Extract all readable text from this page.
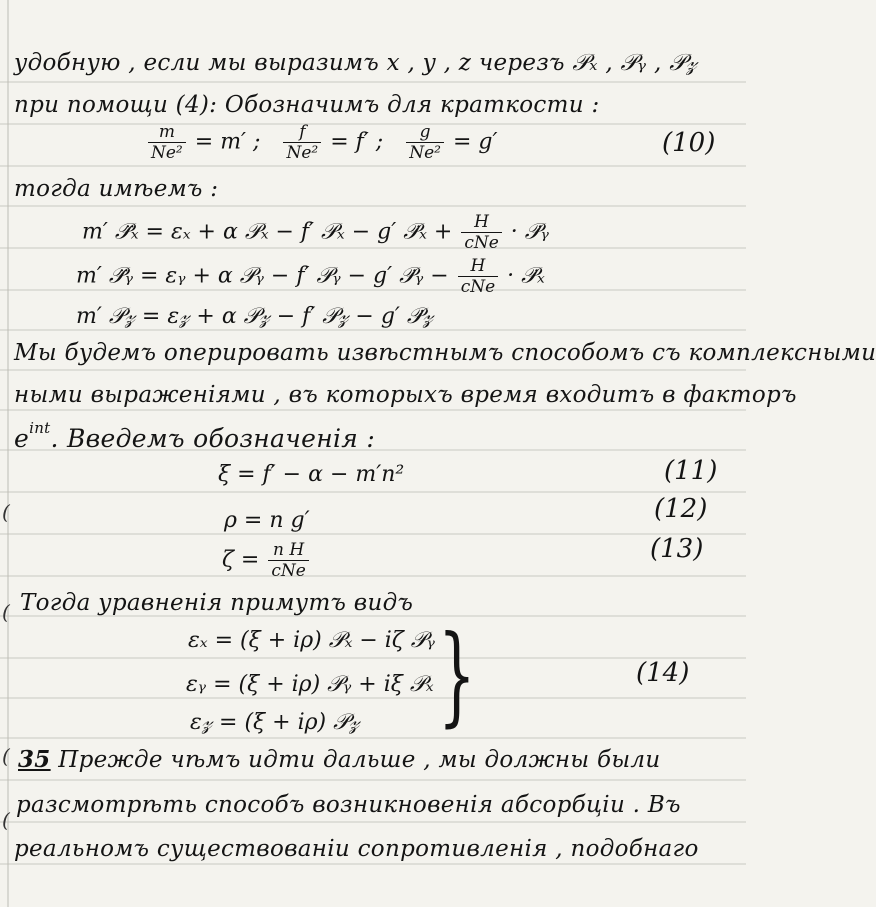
удобную , если мы выразимъ x , y , z черезъ 𝒫ₓ , 𝒫ᵧ , 𝒫𝓏
при помощи (4): Обозначимъ для краткости :
$\frac{m}{\text{Ne²}} = m'$ ; $\frac{f}{\text{Ne²}} = f'$ ; $\frac{g}{\text{Ne²}} = g'$	(10)
тогда имѣемъ :
m′ 𝒫̈ₓ = εₓ + α 𝒫ₓ − f′ 𝒫ₓ − g′ 𝒫̇ₓ + $\frac{H}{\text{cNe}}$ · 𝒫̇ᵧ
m′ 𝒫̈ᵧ = εᵧ + α 𝒫ᵧ − f′ 𝒫ᵧ − g′ 𝒫̇ᵧ − $\frac{H}{\text{cNe}}$ · 𝒫̇ₓ
m′ 𝒫𝓏 = ε𝓏 + α 𝒫𝓏 − f′ 𝒫𝓏 − g′ 𝒫̇𝓏
Мы будемъ оперировать извѣстнымъ способомъ съ комплексными
ными выраженіями , въ которыхъ время входитъ в факторъ
$e^{int}$. Введемъ обозначенія :
ξ = f′ − α − m′n²	(11)
ρ = n g′	(12)
$\zeta = \frac{\text{n H}}{\text{cNe}}$	(13)
Тогда уравненія примутъ видъ
εₓ = (ξ + iρ) 𝒫ₓ − iζ 𝒫ᵧ
εᵧ = (ξ + iρ) 𝒫ᵧ + iξ 𝒫ₓ
ε𝓏 = (ξ + iρ) 𝒫𝓏 }	(14)
35 Прежде чѣмъ идти дальше , мы должны были
разсмотрѣть способъ возникновенія абсорбціи . Въ
реальномъ существованіи сопротивленія , подобнаго
(
(
(
(
